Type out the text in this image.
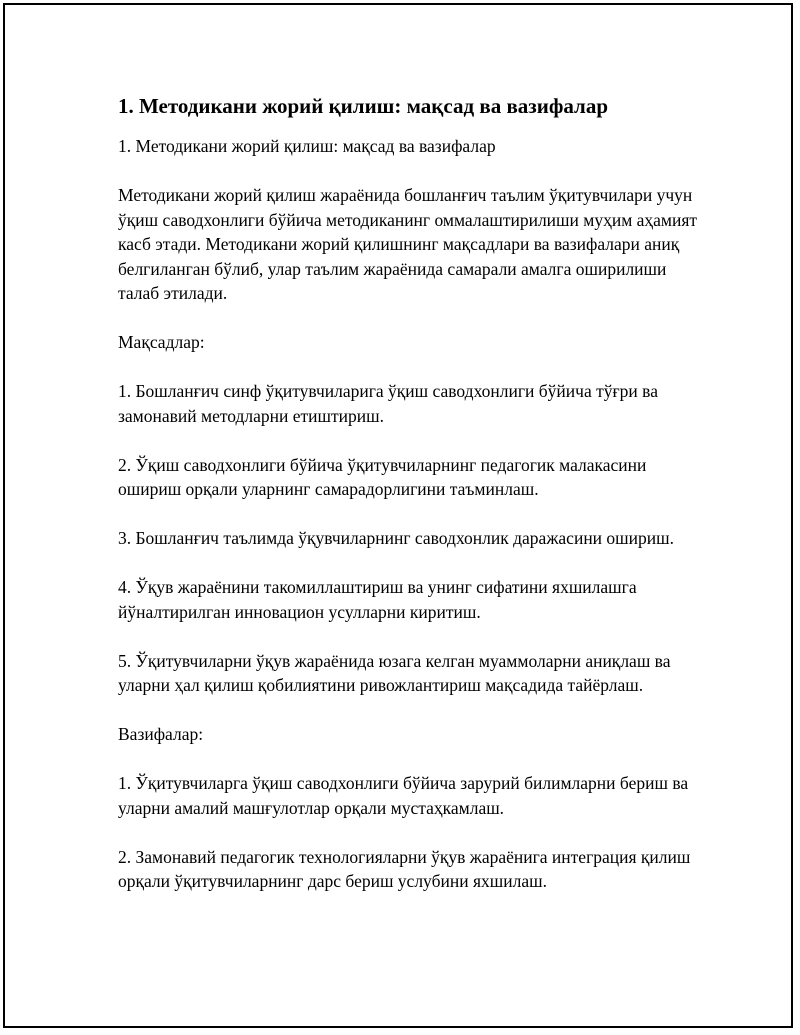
1. Методикани жорий қилиш: мақсад ва вазифалар

1. Методикани жорий қилиш: мақсад ва вазифалар

Методикани жорий қилиш жараёнида бошланғич таълим ўқитувчилари учун ўқиш саводхонлиги бўйича методиканинг оммалаштирилиши муҳим аҳамият касб этади. Методикани жорий қилишнинг мақсадлари ва вазифалари аниқ белгиланган бўлиб, улар таълим жараёнида самарали амалга оширилиши талаб этилади.

Мақсадлар:

1. Бошланғич синф ўқитувчиларига ўқиш саводхонлиги бўйича тўғри ва замонавий методларни етиштириш.

2. Ўқиш саводхонлиги бўйича ўқитувчиларнинг педагогик малакасини ошириш орқали уларнинг самарадорлигини таъминлаш.

3. Бошланғич таълимда ўқувчиларнинг саводхонлик даражасини ошириш.

4. Ўқув жараёнини такомиллаштириш ва унинг сифатини яхшилашга йўналтирилган инновацион усулларни киритиш.

5. Ўқитувчиларни ўқув жараёнида юзага келган муаммоларни аниқлаш ва уларни ҳал қилиш қобилиятини ривожлантириш мақсадида тайёрлаш.

Вазифалар:

1. Ўқитувчиларга ўқиш саводхонлиги бўйича зарурий билимларни бериш ва уларни амалий машғулотлар орқали мустаҳкамлаш.

2. Замонавий педагогик технологияларни ўқув жараёнига интеграция қилиш орқали ўқитувчиларнинг дарс бериш услубини яхшилаш.
